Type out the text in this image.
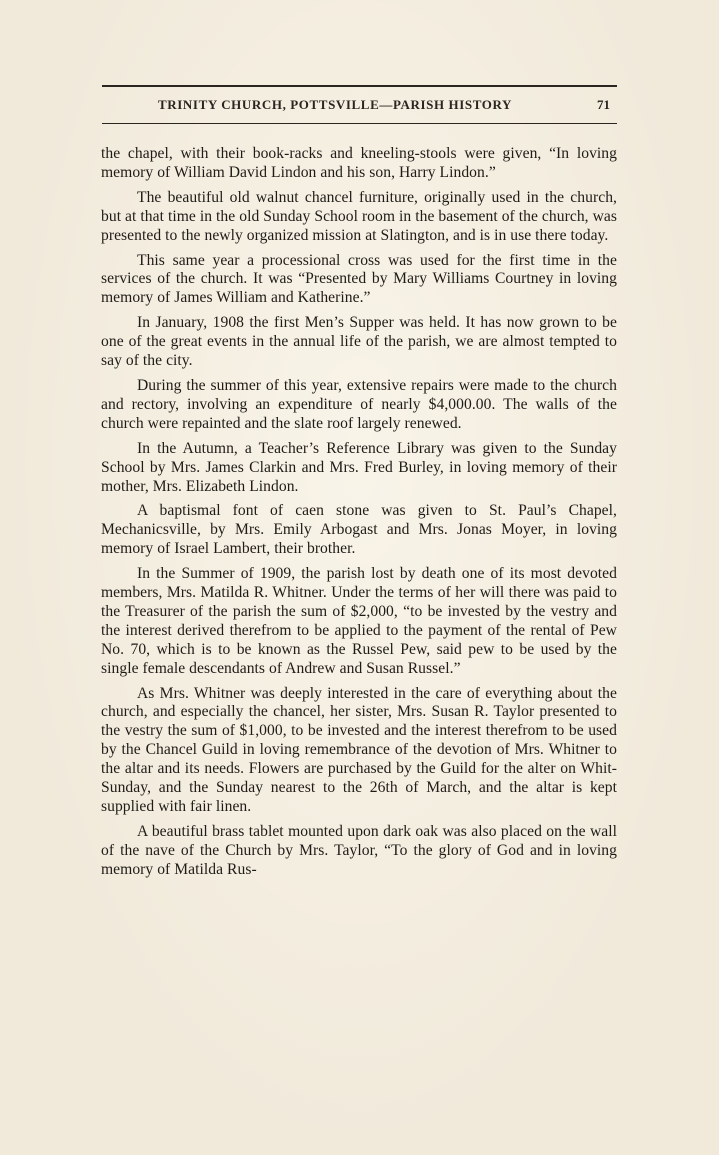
TRINITY CHURCH, POTTSVILLE—PARISH HISTORY	71

the chapel, with their book-racks and kneeling-stools were given, “In loving memory of William David Lindon and his son, Harry Lindon.”

The beautiful old walnut chancel furniture, originally used in the church, but at that time in the old Sunday School room in the basement of the church, was presented to the newly organized mission at Slatington, and is in use there today.

This same year a processional cross was used for the first time in the services of the church. It was “Presented by Mary Williams Courtney in loving memory of James William and Katherine.”

In January, 1908 the first Men’s Supper was held. It has now grown to be one of the great events in the annual life of the parish, we are almost tempted to say of the city.

During the summer of this year, extensive repairs were made to the church and rectory, involving an expenditure of nearly $4,000.00. The walls of the church were repainted and the slate roof largely renewed.

In the Autumn, a Teacher’s Reference Library was given to the Sunday School by Mrs. James Clarkin and Mrs. Fred Burley, in loving memory of their mother, Mrs. Elizabeth Lindon.

A baptismal font of caen stone was given to St. Paul’s Chapel, Mechanicsville, by Mrs. Emily Arbogast and Mrs. Jonas Moyer, in loving memory of Israel Lambert, their brother.

In the Summer of 1909, the parish lost by death one of its most devoted members, Mrs. Matilda R. Whitner. Under the terms of her will there was paid to the Treasurer of the parish the sum of $2,000, “to be invested by the vestry and the interest derived therefrom to be applied to the payment of the rental of Pew No. 70, which is to be known as the Russel Pew, said pew to be used by the single female descendants of Andrew and Susan Russel.”

As Mrs. Whitner was deeply interested in the care of everything about the church, and especially the chancel, her sister, Mrs. Susan R. Taylor presented to the vestry the sum of $1,000, to be invested and the interest therefrom to be used by the Chancel Guild in loving remembrance of the devotion of Mrs. Whitner to the altar and its needs. Flowers are purchased by the Guild for the alter on Whit-Sunday, and the Sunday nearest to the 26th of March, and the altar is kept supplied with fair linen.

A beautiful brass tablet mounted upon dark oak was also placed on the wall of the nave of the Church by Mrs. Taylor, “To the glory of God and in loving memory of Matilda Rus-
